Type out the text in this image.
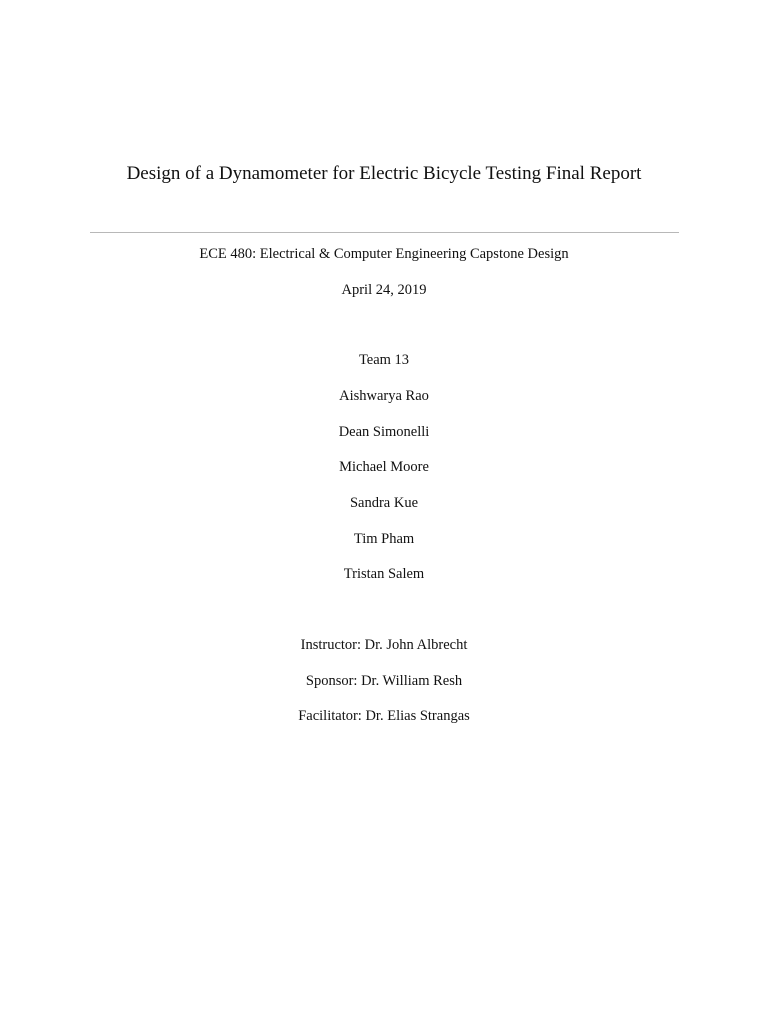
Design of a Dynamometer for Electric Bicycle Testing Final Report
ECE 480: Electrical & Computer Engineering Capstone Design
April 24, 2019
Team 13
Aishwarya Rao
Dean Simonelli
Michael Moore
Sandra Kue
Tim Pham
Tristan Salem
Instructor: Dr. John Albrecht
Sponsor: Dr. William Resh
Facilitator: Dr. Elias Strangas
